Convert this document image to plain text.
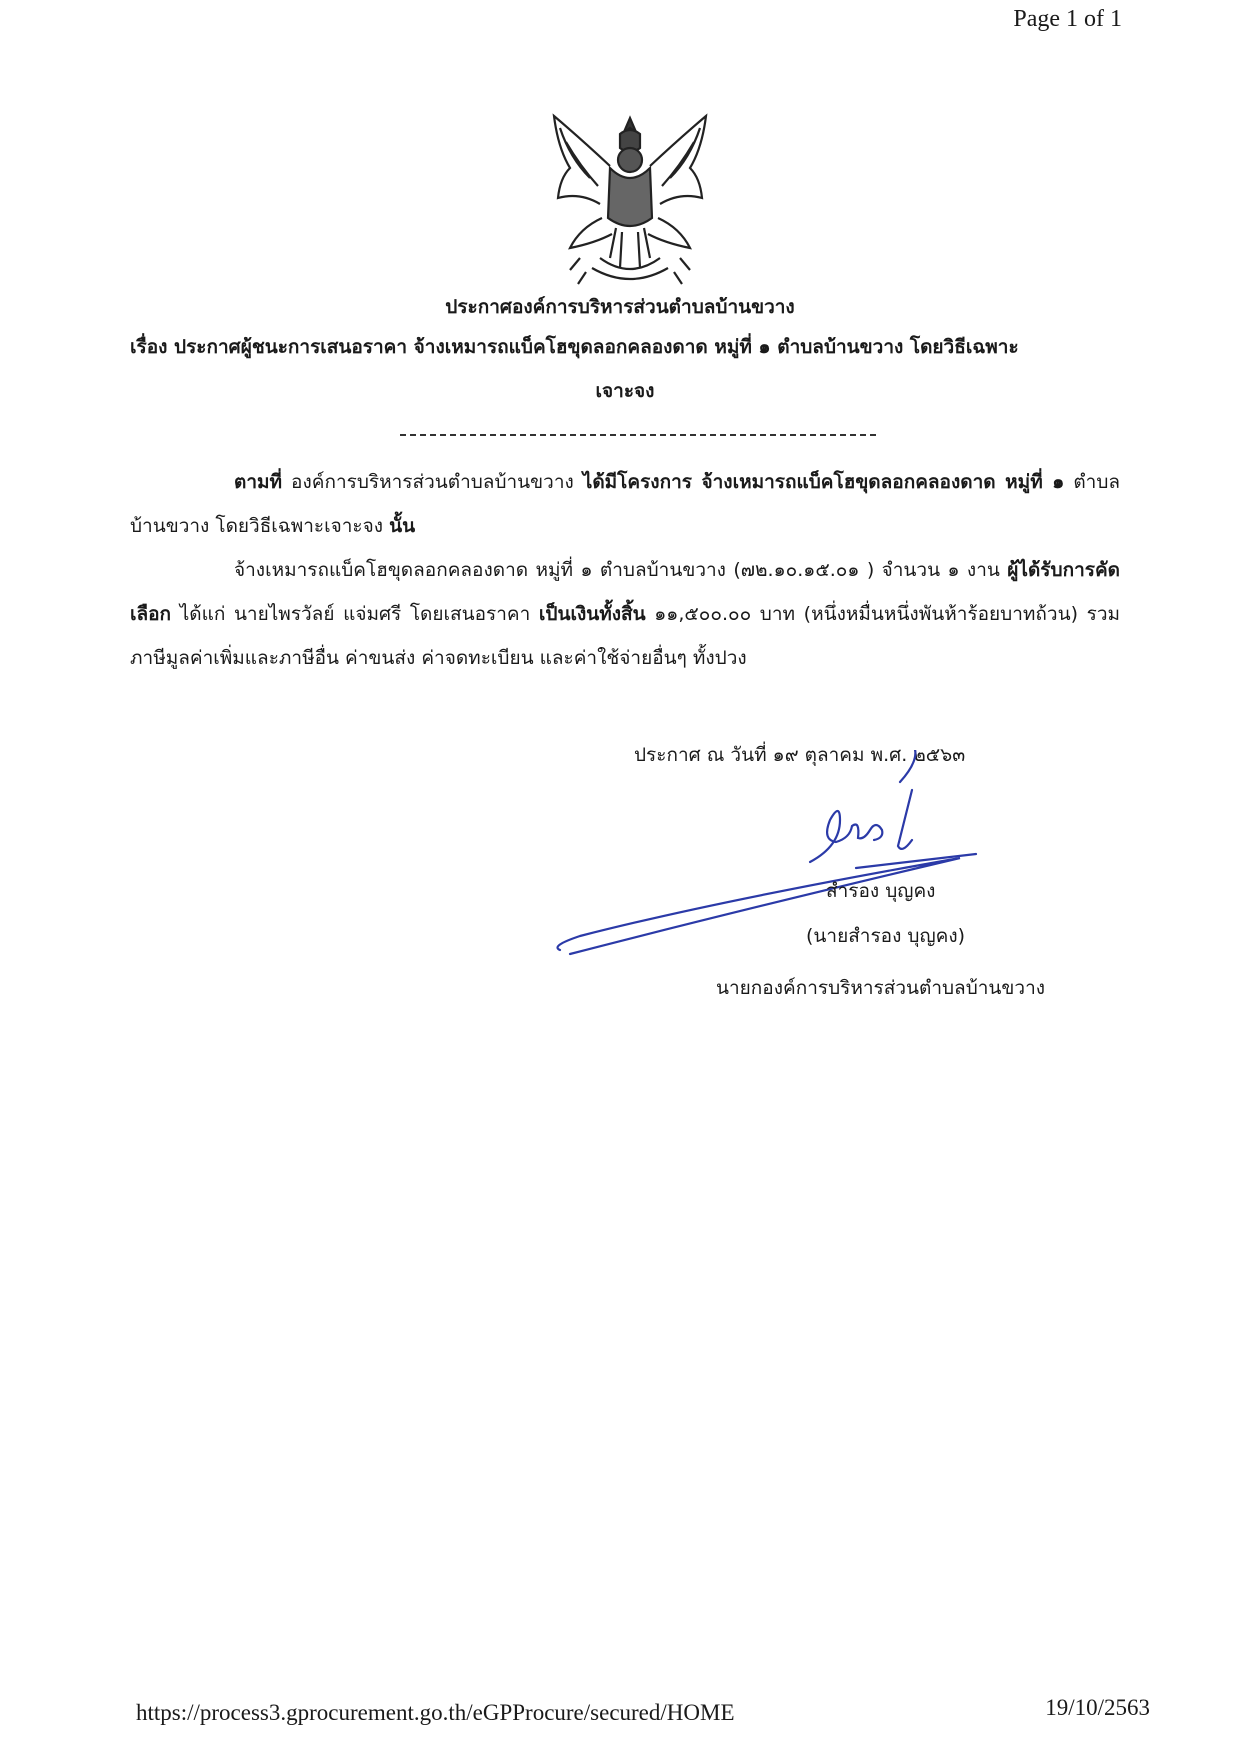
Page 1 of 1
ประกาศองค์การบริหารส่วนตำบลบ้านขวาง
เรื่อง ประกาศผู้ชนะการเสนอราคา จ้างเหมารถแบ็คโฮขุดลอกคลองดาด หมู่ที่ ๑ ตำบลบ้านขวาง โดยวิธีเฉพาะ
เจาะจง
ตามที่ องค์การบริหารส่วนตำบลบ้านขวาง ได้มีโครงการ จ้างเหมารถแบ็คโฮขุดลอกคลองดาด หมู่ที่ ๑ ตำบลบ้านขวาง โดยวิธีเฉพาะเจาะจง นั้น
จ้างเหมารถแบ็คโฮขุดลอกคลองดาด หมู่ที่ ๑ ตำบลบ้านขวาง (๗๒.๑๐.๑๕.๐๑ ) จำนวน ๑ งาน ผู้ได้รับการคัดเลือก ได้แก่ นายไพรวัลย์ แจ่มศรี โดยเสนอราคา เป็นเงินทั้งสิ้น ๑๑,๕๐๐.๐๐ บาท (หนึ่งหมื่นหนึ่งพันห้าร้อยบาทถ้วน) รวมภาษีมูลค่าเพิ่มและภาษีอื่น ค่าขนส่ง ค่าจดทะเบียน และค่าใช้จ่ายอื่นๆ ทั้งปวง
ประกาศ ณ วันที่ ๑๙ ตุลาคม พ.ศ. ๒๕๖๓
สำรอง บุญคง
(นายสำรอง บุญคง)
นายกองค์การบริหารส่วนตำบลบ้านขวาง
https://process3.gprocurement.go.th/eGPProcure/secured/HOME	19/10/2563
